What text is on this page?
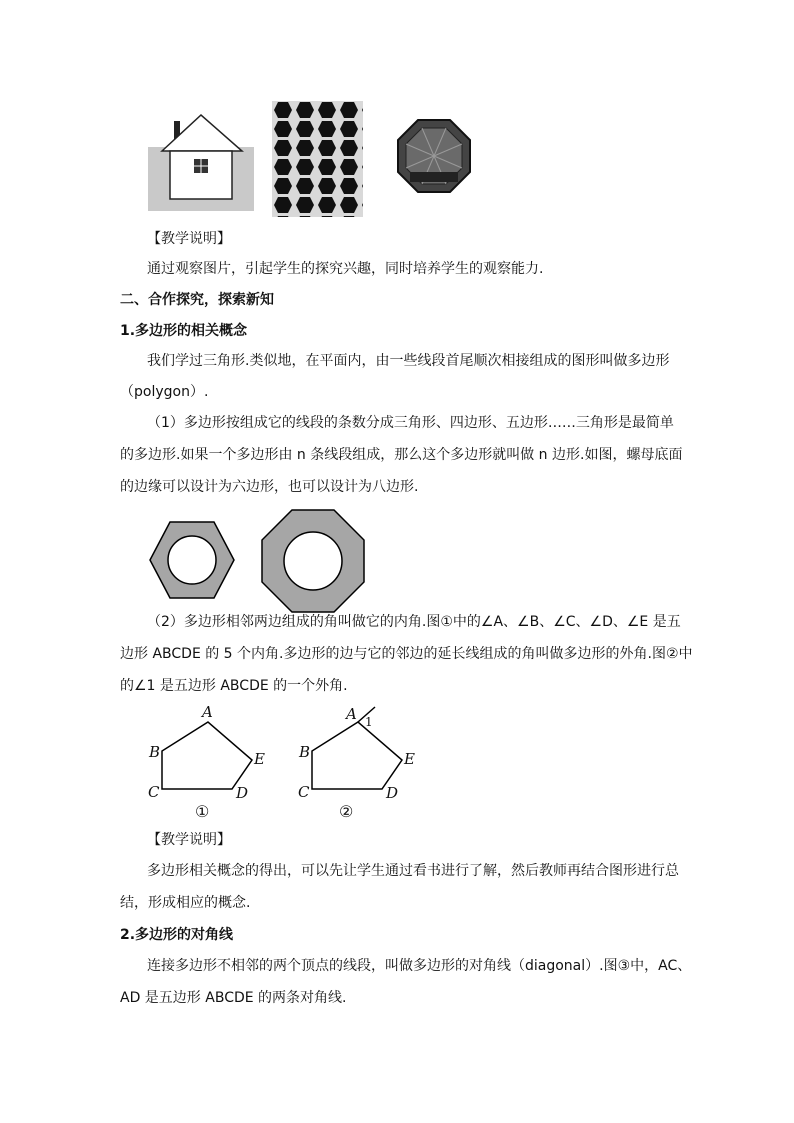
【教学说明】
通过观察图片，引起学生的探究兴趣，同时培养学生的观察能力.
二、合作探究，探索新知
1.多边形的相关概念
我们学过三角形.类似地，在平面内，由一些线段首尾顺次相接组成的图形叫做多边形
（polygon）.
（1）多边形按组成它的线段的条数分成三角形、四边形、五边形……三角形是最简单
的多边形.如果一个多边形由 n 条线段组成，那么这个多边形就叫做 n 边形.如图，螺母底面
的边缘可以设计为六边形，也可以设计为八边形.
（2）多边形相邻两边组成的角叫做它的内角.图①中的∠A、∠B、∠C、∠D、∠E 是五
边形 ABCDE 的 5 个内角.多边形的边与它的邻边的延长线组成的角叫做多边形的外角.图②中
的∠1 是五边形 ABCDE 的一个外角.
A
B
C	D
E
①
A 1
B
C	D
E
②
【教学说明】
多边形相关概念的得出，可以先让学生通过看书进行了解，然后教师再结合图形进行总
结，形成相应的概念.
2.多边形的对角线
连接多边形不相邻的两个顶点的线段，叫做多边形的对角线（diagonal）.图③中，AC、
AD 是五边形 ABCDE 的两条对角线.
